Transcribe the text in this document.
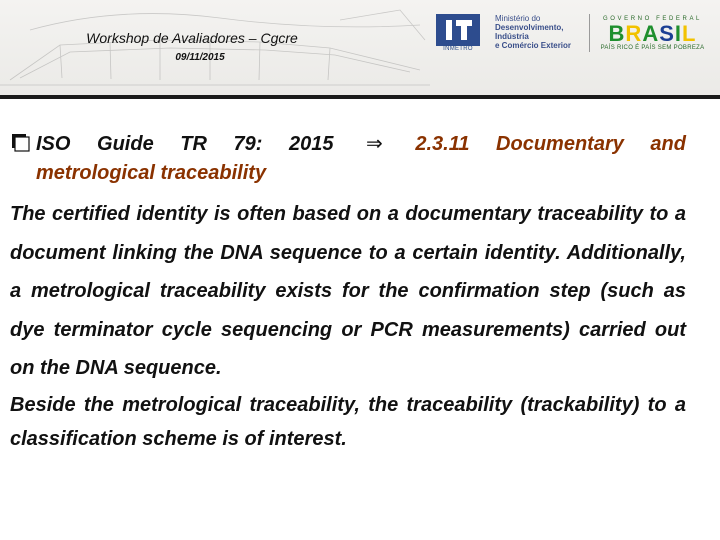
Workshop de Avaliadores – Cgcre
09/11/2015
INMETRO
Ministério do
Desenvolvimento, Indústria
e Comércio Exterior
GOVERNO FEDERAL
BRASIL
PAÍS RICO É PAÍS SEM POBREZA
ISO Guide TR 79: 2015 ⇒ 2.3.11 Documentary and
metrological traceability
The certified identity is often based on a documentary traceability to a document linking the DNA sequence to a certain identity. Additionally, a metrological traceability exists for the confirmation step (such as dye terminator cycle sequencing or PCR measurements) carried out on the DNA sequence.
Beside the metrological traceability, the traceability (trackability) to a classification scheme is of interest.
